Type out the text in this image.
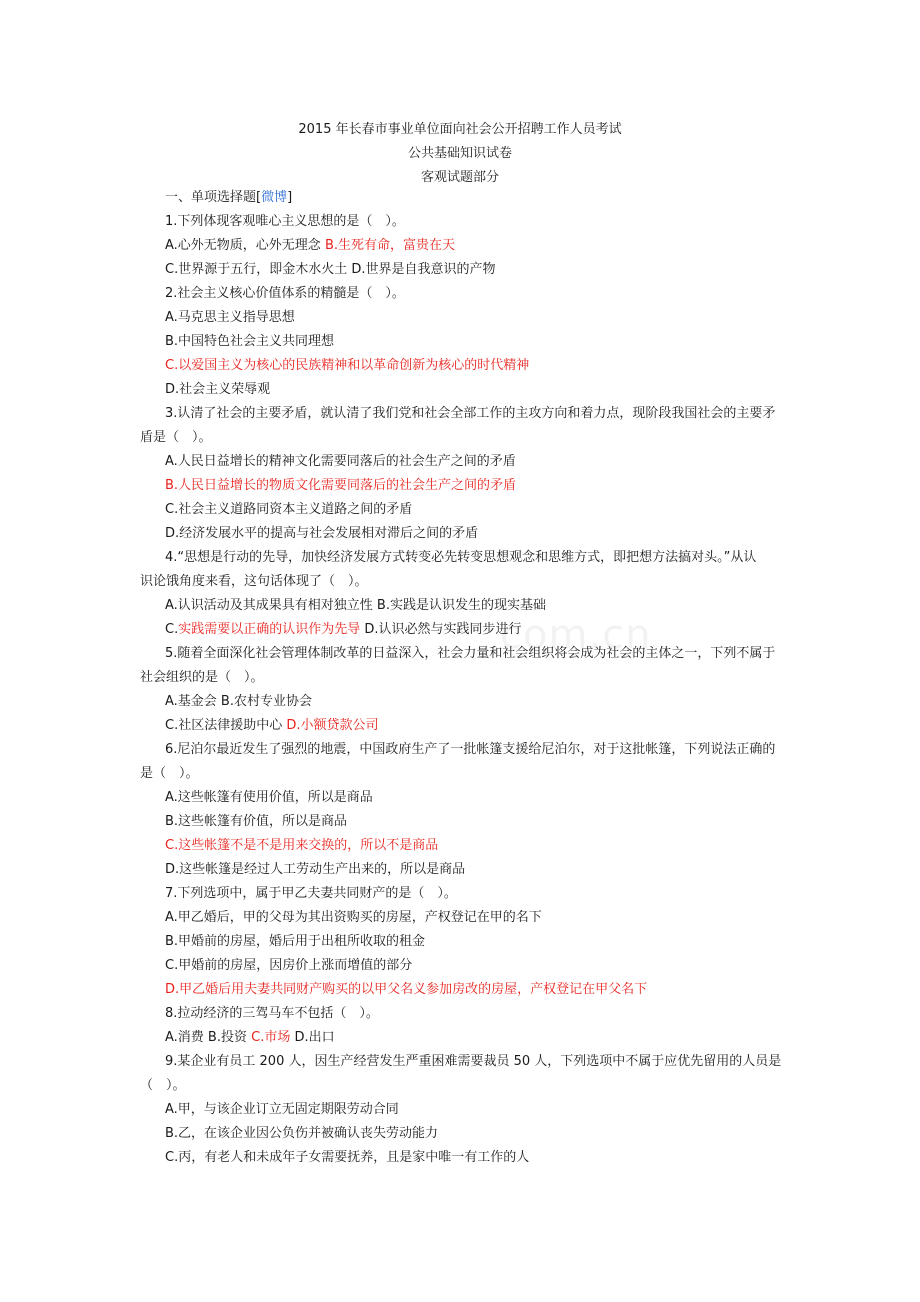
com.cn
2015 年长春市事业单位面向社会公开招聘工作人员考试
公共基础知识试卷
客观试题部分
一、单项选择题[微博]
1.下列体现客观唯心主义思想的是（　）。
A.心外无物质，心外无理念 B.生死有命，富贵在天
C.世界源于五行，即金木水火土 D.世界是自我意识的产物
2.社会主义核心价值体系的精髓是（　）。
A.马克思主义指导思想
B.中国特色社会主义共同理想
C.以爱国主义为核心的民族精神和以革命创新为核心的时代精神
D.社会主义荣辱观
3.认清了社会的主要矛盾，就认清了我们党和社会全部工作的主攻方向和着力点，现阶段我国社会的主要矛
盾是（　）。
A.人民日益增长的精神文化需要同落后的社会生产之间的矛盾
B.人民日益增长的物质文化需要同落后的社会生产之间的矛盾
C.社会主义道路同资本主义道路之间的矛盾
D.经济发展水平的提高与社会发展相对滞后之间的矛盾
4.“思想是行动的先导，加快经济发展方式转变必先转变思想观念和思维方式，即把想方法搞对头。”从认
识论饿角度来看，这句话体现了（　）。
A.认识活动及其成果具有相对独立性 B.实践是认识发生的现实基础
C.实践需要以正确的认识作为先导 D.认识必然与实践同步进行
5.随着全面深化社会管理体制改革的日益深入，社会力量和社会组织将会成为社会的主体之一，下列不属于
社会组织的是（　）。
A.基金会 B.农村专业协会
C.社区法律援助中心 D.小额贷款公司
6.尼泊尔最近发生了强烈的地震，中国政府生产了一批帐篷支援给尼泊尔，对于这批帐篷，下列说法正确的
是（　）。
A.这些帐篷有使用价值，所以是商品
B.这些帐篷有价值，所以是商品
C.这些帐篷不是不是用来交换的，所以不是商品
D.这些帐篷是经过人工劳动生产出来的，所以是商品
7.下列选项中，属于甲乙夫妻共同财产的是（　）。
A.甲乙婚后，甲的父母为其出资购买的房屋，产权登记在甲的名下
B.甲婚前的房屋，婚后用于出租所收取的租金
C.甲婚前的房屋，因房价上涨而增值的部分
D.甲乙婚后用夫妻共同财产购买的以甲父名义参加房改的房屋，产权登记在甲父名下
8.拉动经济的三驾马车不包括（　）。
A.消费 B.投资 C.市场 D.出口
9.某企业有员工 200 人，因生产经营发生严重困难需要裁员 50 人，下列选项中不属于应优先留用的人员是
（　）。
A.甲，与该企业订立无固定期限劳动合同
B.乙，在该企业因公负伤并被确认丧失劳动能力
C.丙，有老人和未成年子女需要抚养，且是家中唯一有工作的人
